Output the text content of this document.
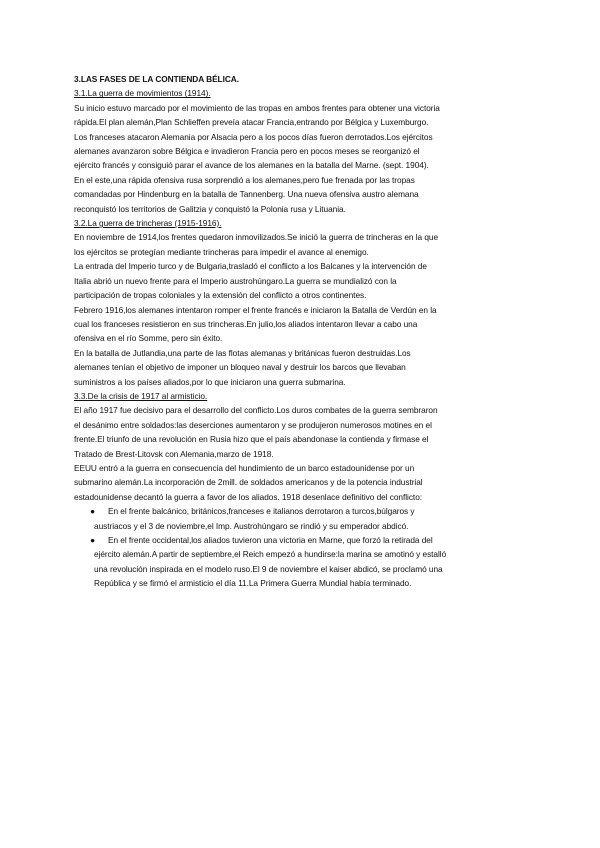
3.LAS FASES DE LA CONTIENDA BÉLICA.
3.1.La guerra de movimientos (1914).
Su inicio estuvo marcado por el movimiento de las tropas en ambos frentes para obtener una victoria
rápida.El plan alemán,Plan Schlieffen preveía atacar Francia,entrando por Bélgica y Luxemburgo.
Los franceses atacaron Alemania por Alsacia pero a los pocos días fueron derrotados.Los ejércitos
alemanes avanzaron sobre Bélgica e invadieron Francia pero en pocos meses se reorganizó el
ejército francés y consiguió parar el avance de los alemanes en la batalla del Marne. (sept. 1904).
En el este,una rápida ofensiva rusa sorprendió a los alemanes,pero fue frenada por las tropas
comandadas por Hindenburg en la batalla de Tannenberg. Una nueva ofensiva austro alemana
reconquistó los territorios de Galitzia y conquistó la Polonia rusa y Lituania.
3.2.La guerra de trincheras (1915-1916).
En noviembre de 1914,los frentes quedaron inmovilizados.Se inició la guerra de trincheras en la que
los ejércitos se protegían mediante trincheras para impedir el avance al enemigo.
La entrada del Imperio turco y de Bulgaria,trasladó el conflicto a los Balcanes y la intervención de
Italia abrió un nuevo frente para el Imperio austrohúngaro.La guerra se mundializó con la
participación de tropas coloniales y la extensión del conflicto a otros continentes.
Febrero 1916,los alemanes intentaron romper el frente francés e iniciaron la Batalla de Verdún en la
cual los franceses resistieron en sus trincheras.En julio,los aliados intentaron llevar a cabo una
ofensiva en el río Somme, pero sin éxito.
En la batalla de Jutlandia,una parte de las flotas alemanas y británicas fueron destruidas.Los
alemanes tenían el objetivo de imponer un bloqueo naval y destruir los barcos que llevaban
suministros a los países aliados,por lo que iniciaron una guerra submarina.
3.3.De la crisis de 1917 al armisticio.
El año 1917 fue decisivo para el desarrollo del conflicto.Los duros combates de la guerra sembraron
el desánimo entre soldados:las deserciones aumentaron y se produjeron numerosos motines en el
frente.El triunfo de una revolución en Rusia hizo que el país abandonase la contienda y firmase el
Tratado de Brest-Litovsk con Alemania,marzo de 1918.
EEUU entró a la guerra en consecuencia del hundimiento de un barco estadounidense por un
submarino alemán.La incorporación de 2mill. de soldados americanos y de la potencia industrial
estadounidense decantó la guerra a favor de los aliados. 1918 desenlace definitivo del conflicto:
● En el frente balcánico, británicos,franceses e italianos derrotaron a turcos,búlgaros y
austriacos y el 3 de noviembre,el Imp. Austrohúngaro se rindió y su emperador abdicó.
● En el frente occidental,los aliados tuvieron una victoria en Marne, que forzó la retirada del
ejército alemán.A partir de septiembre,el Reich empezó a hundirse:la marina se amotinó y estalló
una revolución inspirada en el modelo ruso.El 9 de noviembre el kaiser abdicó, se proclamó una
República y se firmó el armisticio el día 11.La Primera Guerra Mundial había terminado.
